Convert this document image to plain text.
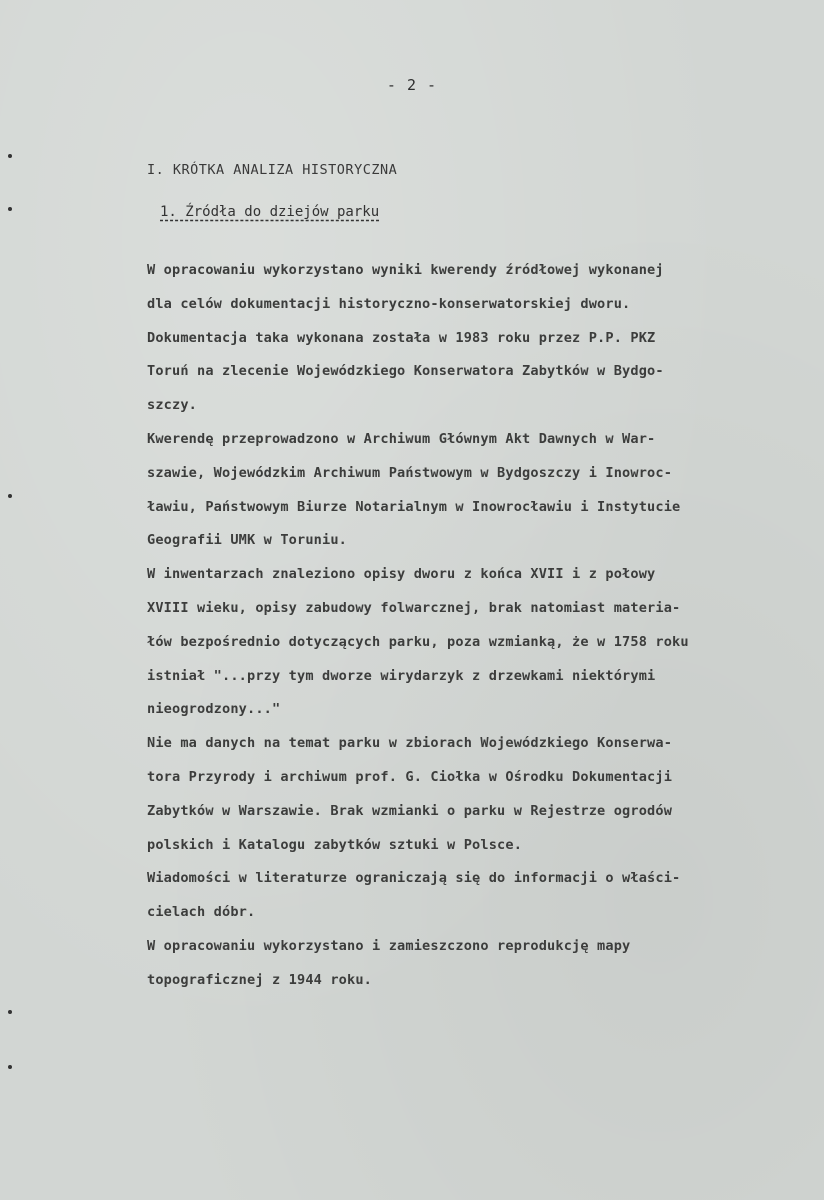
- 2 -
I. KRÓTKA ANALIZA HISTORYCZNA
1. Źródła do dziejów parku
W opracowaniu wykorzystano wyniki kwerendy źródłowej wykonanej
dla celów dokumentacji historyczno-konserwatorskiej dworu.
Dokumentacja taka wykonana została w 1983 roku przez P.P. PKZ
Toruń na zlecenie Wojewódzkiego Konserwatora Zabytków w Bydgo-
szczy.
Kwerendę przeprowadzono w Archiwum Głównym Akt Dawnych w War-
szawie, Wojewódzkim Archiwum Państwowym w Bydgoszczy i Inowroc-
ławiu, Państwowym Biurze Notarialnym w Inowrocławiu i Instytucie
Geografii UMK w Toruniu.
W inwentarzach znaleziono opisy dworu z końca XVII i z połowy
XVIII wieku, opisy zabudowy folwarcznej, brak natomiast materia-
łów bezpośrednio dotyczących parku, poza wzmianką, że w 1758 roku
istniał "...przy tym dworze wirydarzyk z drzewkami niektórymi
nieogrodzony..."
Nie ma danych na temat parku w zbiorach Wojewódzkiego Konserwa-
tora Przyrody i archiwum prof. G. Ciołka w Ośrodku Dokumentacji
Zabytków w Warszawie. Brak wzmianki o parku w Rejestrze ogrodów
polskich i Katalogu zabytków sztuki w Polsce.
Wiadomości w literaturze ograniczają się do informacji o właści-
cielach dóbr.
W opracowaniu wykorzystano i zamieszczono reprodukcję mapy
topograficznej z 1944 roku.
